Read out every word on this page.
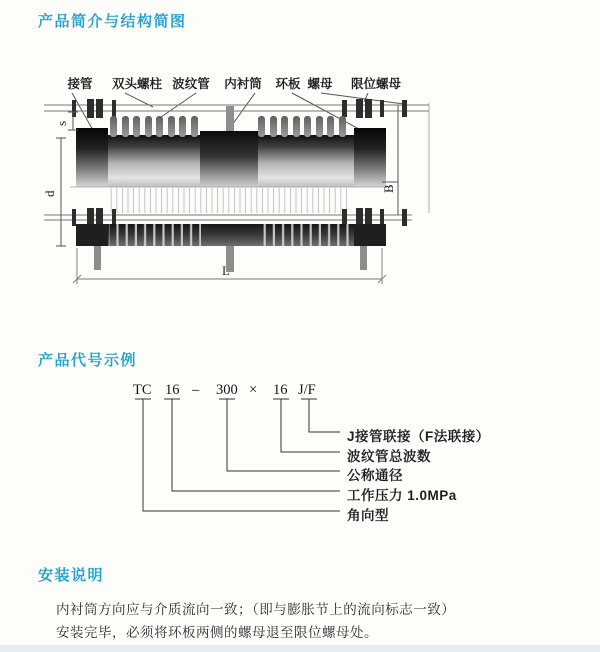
产品简介与结构简图
接管 双头螺柱 波纹管 内衬筒 环板 螺母 限位螺母
s
d
B
L
产品代号示例
TC 16 – 300 × 16 J/F
J接管联接（F法联接）
波纹管总波数
公称通径
工作压力 1.0MPa
角向型
安装说明
内衬筒方向应与介质流向一致；（即与膨胀节上的流向标志一致）
安装完毕，必须将环板两侧的螺母退至限位螺母处。
